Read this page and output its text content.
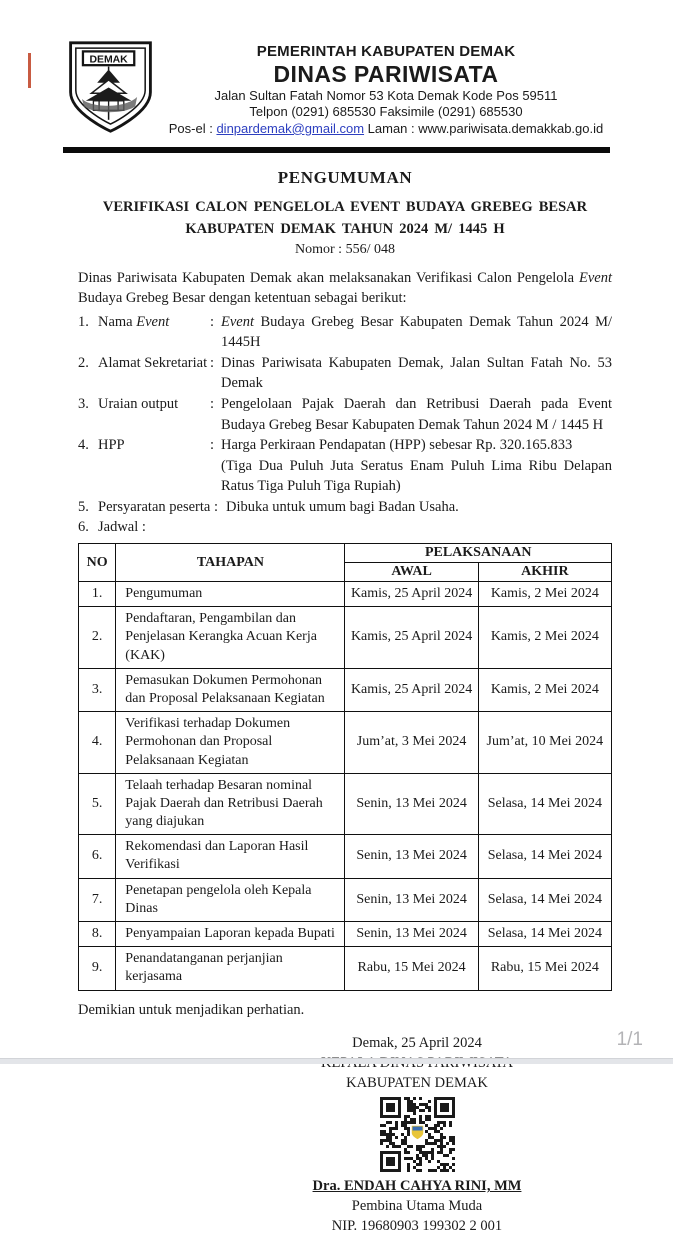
DEMAK
PEMERINTAH KABUPATEN DEMAK
DINAS PARIWISATA
Jalan Sultan Fatah Nomor 53 Kota Demak Kode Pos 59511
Telpon (0291) 685530 Faksimile (0291) 685530
Pos-el : dinpardemak@gmail.com Laman : www.pariwisata.demakkab.go.id
PENGUMUMAN
VERIFIKASI CALON PENGELOLA EVENT BUDAYA GREBEG BESAR
KABUPATEN DEMAK TAHUN 2024 M/ 1445 H
Nomor : 556/ 048

Dinas Pariwisata Kabupaten Demak akan melaksanakan Verifikasi Calon Pengelola Event Budaya Grebeg Besar dengan ketentuan sebagai berikut:

1. Nama Event	: Event Budaya Grebeg Besar Kabupaten Demak Tahun 2024 M/ 1445H
2. Alamat Sekretariat : Dinas Pariwisata Kabupaten Demak, Jalan Sultan Fatah No. 53 Demak
3. Uraian output	: Pengelolaan Pajak Daerah dan Retribusi Daerah pada Event Budaya Grebeg Besar Kabupaten Demak Tahun 2024 M / 1445 H
4. HPP	: Harga Perkiraan Pendapatan (HPP) sebesar Rp. 320.165.833
(Tiga Dua Puluh Juta Seratus Enam Puluh Lima Ribu Delapan Ratus Tiga Puluh Tiga Rupiah)
5. Persyaratan peserta : Dibuka untuk umum bagi Badan Usaha.
6. Jadwal :
NO	TAHAPAN	PELAKSANAAN	
		AWAL	AKHIR
1.	Pengumuman	Kamis, 25 April 2024	Kamis, 2 Mei 2024
2.	Pendaftaran, Pengambilan dan Penjelasan Kerangka Acuan Kerja (KAK)	Kamis, 25 April 2024	Kamis, 2 Mei 2024
3.	Pemasukan Dokumen Permohonan dan Proposal Pelaksanaan Kegiatan	Kamis, 25 April 2024	Kamis, 2 Mei 2024
4.	Verifikasi terhadap Dokumen Permohonan dan Proposal Pelaksanaan Kegiatan	Jum’at, 3 Mei 2024	Jum’at, 10 Mei 2024
5.	Telaah terhadap Besaran nominal Pajak Daerah dan Retribusi Daerah yang diajukan	Senin, 13 Mei 2024	Selasa, 14 Mei 2024
6.	Rekomendasi dan Laporan Hasil Verifikasi	Senin, 13 Mei 2024	Selasa, 14 Mei 2024
7.	Penetapan pengelola oleh Kepala Dinas	Senin, 13 Mei 2024	Selasa, 14 Mei 2024
8.	Penyampaian Laporan kepada Bupati	Senin, 13 Mei 2024	Selasa, 14 Mei 2024
9.	Penandatanganan perjanjian kerjasama	Rabu, 15 Mei 2024	Rabu, 15 Mei 2024

Demikian untuk menjadikan perhatian.

Demak, 25 April 2024
KABUPATEN DEMAK
Dra. ENDAH CAHYA RINI, MM
Pembina Utama Muda
NIP. 19680903 199302 2 001
1/1
